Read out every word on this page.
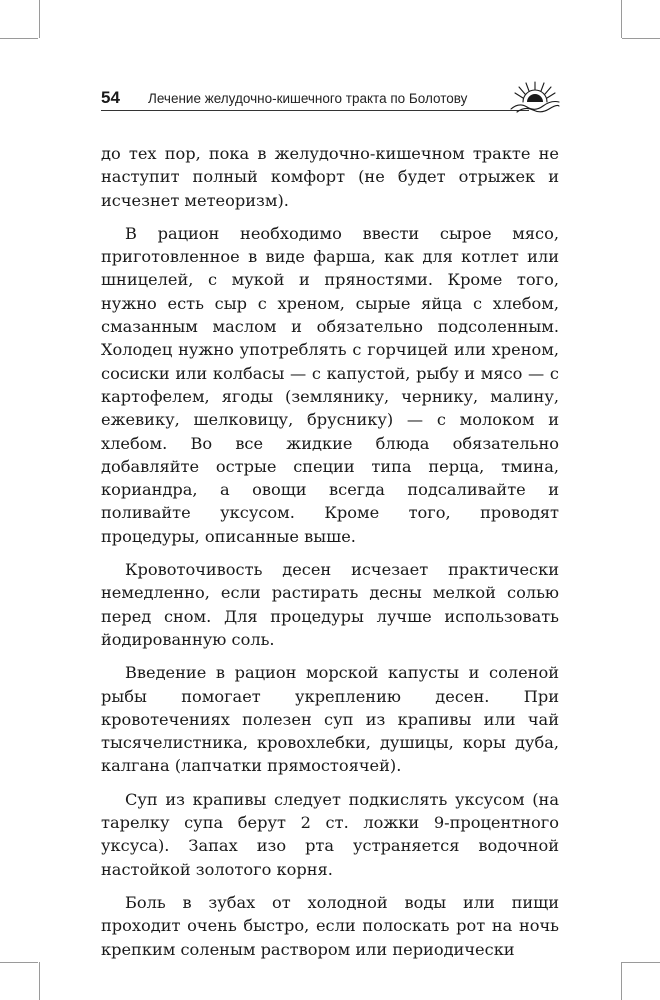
54 Лечение желудочно-кишечного тракта по Болотову

до тех пор, пока в желудочно-кишечном тракте не наступит полный комфорт (не будет отрыжек и исчезнет метеоризм).

В рацион необходимо ввести сырое мясо, приготовленное в виде фарша, как для котлет или шницелей, с мукой и пряностями. Кроме того, нужно есть сыр с хреном, сырые яйца с хлебом, смазанным маслом и обязательно подсоленным. Холодец нужно употреблять с горчицей или хреном, сосиски или колбасы — с капустой, рыбу и мясо — с картофелем, ягоды (землянику, чернику, малину, ежевику, шелковицу, бруснику) — с молоком и хлебом. Во все жидкие блюда обязательно добавляйте острые специи типа перца, тмина, кориандра, а овощи всегда подсаливайте и поливайте уксусом. Кроме того, проводят процедуры, описанные выше.

Кровоточивость десен исчезает практически немедленно, если растирать десны мелкой солью перед сном. Для процедуры лучше использовать йодированную соль.

Введение в рацион морской капусты и соленой рыбы помогает укреплению десен. При кровотечениях полезен суп из крапивы или чай тысячелистника, кровохлебки, душицы, коры дуба, калгана (лапчатки прямостоячей).

Суп из крапивы следует подкислять уксусом (на тарелку супа берут 2 ст. ложки 9-процентного уксуса). Запах изо рта устраняется водочной настойкой золотого корня.

Боль в зубах от холодной воды или пищи проходит очень быстро, если полоскать рот на ночь крепким соленым раствором или периодически
